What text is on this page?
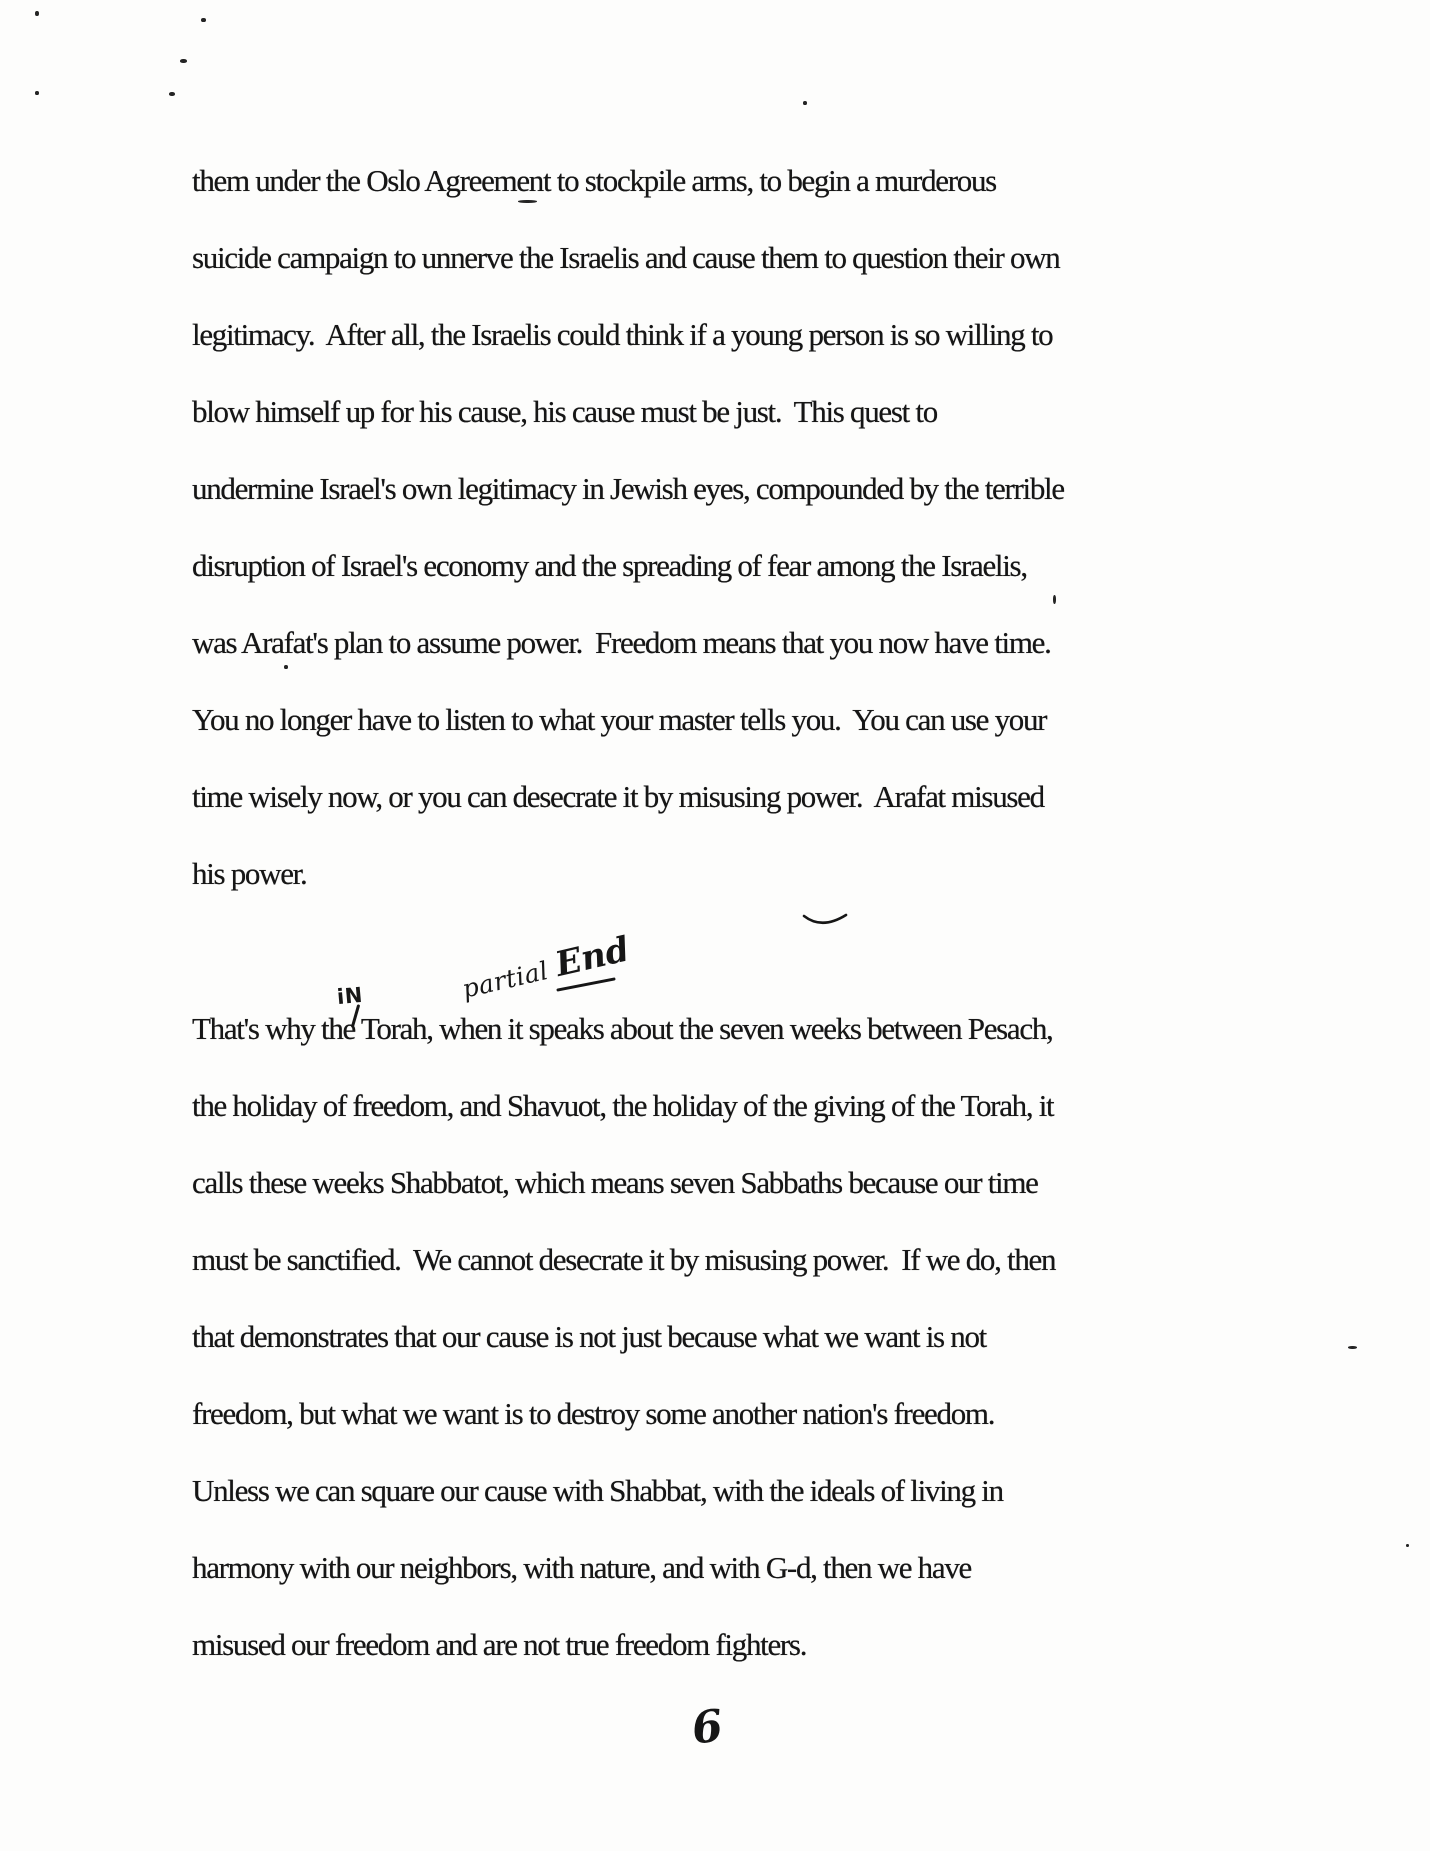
them under the Oslo Agreement to stockpile arms, to begin a murderous
suicide campaign to unnerve the Israelis and cause them to question their own
legitimacy.  After all, the Israelis could think if a young person is so willing to
blow himself up for his cause, his cause must be just.  This quest to
undermine Israel's own legitimacy in Jewish eyes, compounded by the terrible
disruption of Israel's economy and the spreading of fear among the Israelis,
was Arafat's plan to assume power.  Freedom means that you now have time.
You no longer have to listen to what your master tells you.  You can use your
time wisely now, or you can desecrate it by misusing power.  Arafat misused
his power.
iN	partial End
That's why the Torah, when it speaks about the seven weeks between Pesach,
the holiday of freedom, and Shavuot, the holiday of the giving of the Torah, it
calls these weeks Shabbatot, which means seven Sabbaths because our time
must be sanctified.  We cannot desecrate it by misusing power.  If we do, then
that demonstrates that our cause is not just because what we want is not
freedom, but what we want is to destroy some another nation's freedom.
Unless we can square our cause with Shabbat, with the ideals of living in
harmony with our neighbors, with nature, and with G-d, then we have
misused our freedom and are not true freedom fighters.
6
